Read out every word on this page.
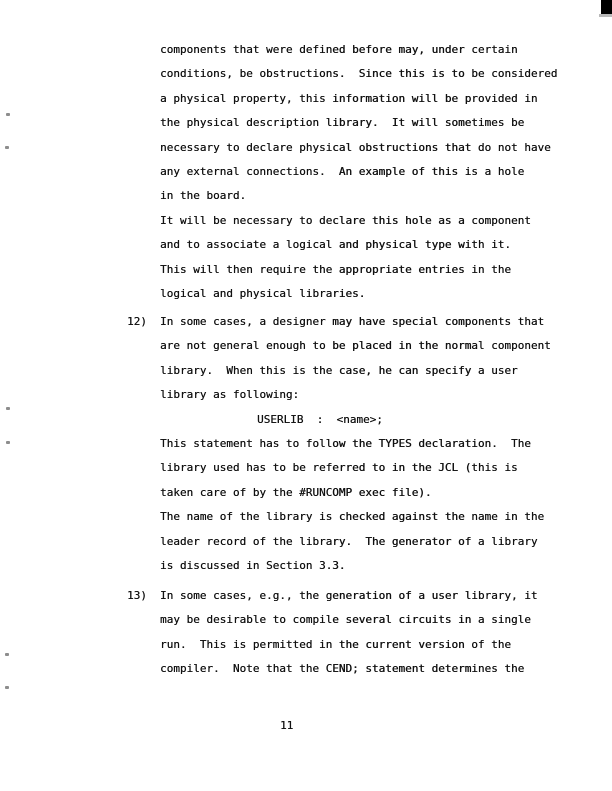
components that were defined before may, under certain
conditions, be obstructions.  Since this is to be considered
a physical property, this information will be provided in
the physical description library.  It will sometimes be
necessary to declare physical obstructions that do not have
any external connections.  An example of this is a hole
in the board.
It will be necessary to declare this hole as a component
and to associate a logical and physical type with it.
This will then require the appropriate entries in the
logical and physical libraries.
12) In some cases, a designer may have special components that
are not general enough to be placed in the normal component
library.  When this is the case, he can specify a user
library as following:
USERLIB  :  <name>;
This statement has to follow the TYPES declaration.  The
library used has to be referred to in the JCL (this is
taken care of by the #RUNCOMP exec file).
The name of the library is checked against the name in the
leader record of the library.  The generator of a library
is discussed in Section 3.3.
13) In some cases, e.g., the generation of a user library, it
may be desirable to compile several circuits in a single
run.  This is permitted in the current version of the
compiler.  Note that the CEND; statement determines the
11
